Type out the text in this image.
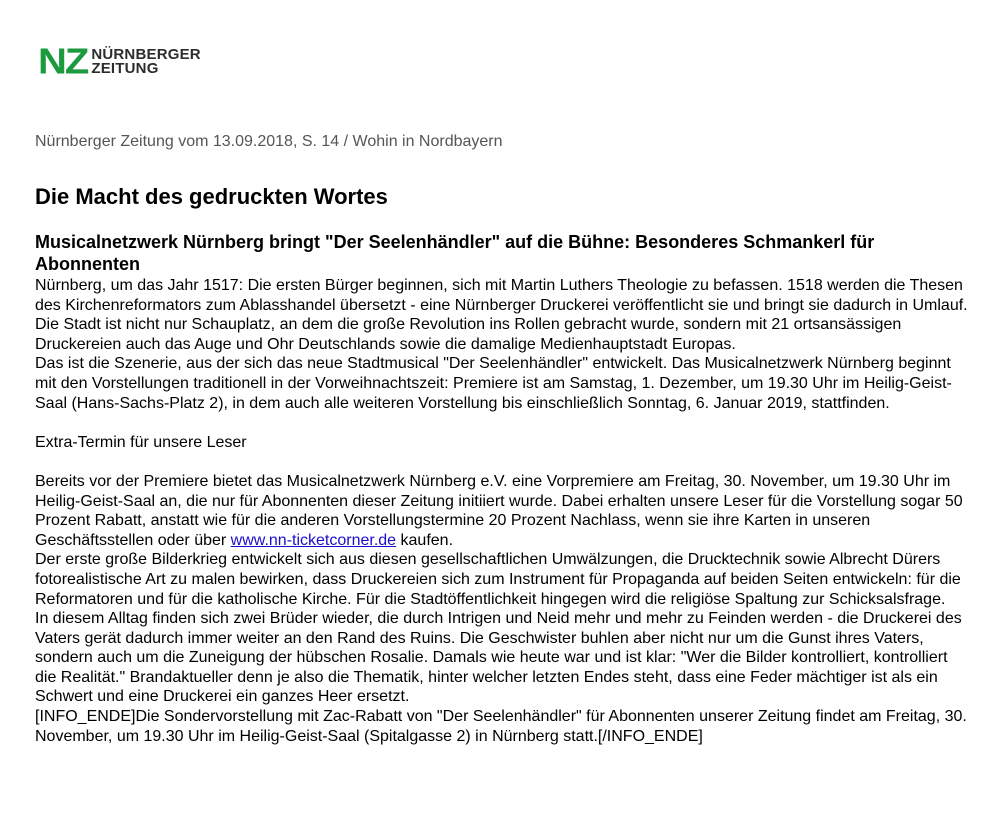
NZ NÜRNBERGER
ZEITUNG
Nürnberger Zeitung vom 13.09.2018, S. 14 / Wohin in Nordbayern
Die Macht des gedruckten Wortes
Musicalnetzwerk Nürnberg bringt "Der Seelenhändler" auf die Bühne: Besonderes Schmankerl für Abonnenten

Nürnberg, um das Jahr 1517: Die ersten Bürger beginnen, sich mit Martin Luthers Theologie zu befassen. 1518 werden die Thesen des Kirchenreformators zum Ablasshandel übersetzt - eine Nürnberger Druckerei veröffentlicht sie und bringt sie dadurch in Umlauf. Die Stadt ist nicht nur Schauplatz, an dem die große Revolution ins Rollen gebracht wurde, sondern mit 21 ortsansässigen Druckereien auch das Auge und Ohr Deutschlands sowie die damalige Medienhauptstadt Europas.

Das ist die Szenerie, aus der sich das neue Stadtmusical "Der Seelenhändler" entwickelt. Das Musicalnetzwerk Nürnberg beginnt mit den Vorstellungen traditionell in der Vorweihnachtszeit: Premiere ist am Samstag, 1. Dezember, um 19.30 Uhr im Heilig-Geist-Saal (Hans-Sachs-Platz 2), in dem auch alle weiteren Vorstellung bis einschließlich Sonntag, 6. Januar 2019, stattfinden.

Extra-Termin für unsere Leser

Bereits vor der Premiere bietet das Musicalnetzwerk Nürnberg e.V. eine Vorpremiere am Freitag, 30. November, um 19.30 Uhr im Heilig-Geist-Saal an, die nur für Abonnenten dieser Zeitung initiiert wurde. Dabei erhalten unsere Leser für die Vorstellung sogar 50 Prozent Rabatt, anstatt wie für die anderen Vorstellungstermine 20 Prozent Nachlass, wenn sie ihre Karten in unseren Geschäftsstellen oder über www.nn-ticketcorner.de kaufen.

Der erste große Bilderkrieg entwickelt sich aus diesen gesellschaftlichen Umwälzungen, die Drucktechnik sowie Albrecht Dürers fotorealistische Art zu malen bewirken, dass Druckereien sich zum Instrument für Propaganda auf beiden Seiten entwickeln: für die Reformatoren und für die katholische Kirche. Für die Stadtöffentlichkeit hingegen wird die religiöse Spaltung zur Schicksalsfrage.

In diesem Alltag finden sich zwei Brüder wieder, die durch Intrigen und Neid mehr und mehr zu Feinden werden - die Druckerei des Vaters gerät dadurch immer weiter an den Rand des Ruins. Die Geschwister buhlen aber nicht nur um die Gunst ihres Vaters, sondern auch um die Zuneigung der hübschen Rosalie. Damals wie heute war und ist klar: "Wer die Bilder kontrolliert, kontrolliert die Realität." Brandaktueller denn je also die Thematik, hinter welcher letzten Endes steht, dass eine Feder mächtiger ist als ein Schwert und eine Druckerei ein ganzes Heer ersetzt.

[INFO_ENDE]Die Sondervorstellung mit Zac-Rabatt von "Der Seelenhändler" für Abonnenten unserer Zeitung findet am Freitag, 30. November, um 19.30 Uhr im Heilig-Geist-Saal (Spitalgasse 2) in Nürnberg statt.[/INFO_ENDE]
